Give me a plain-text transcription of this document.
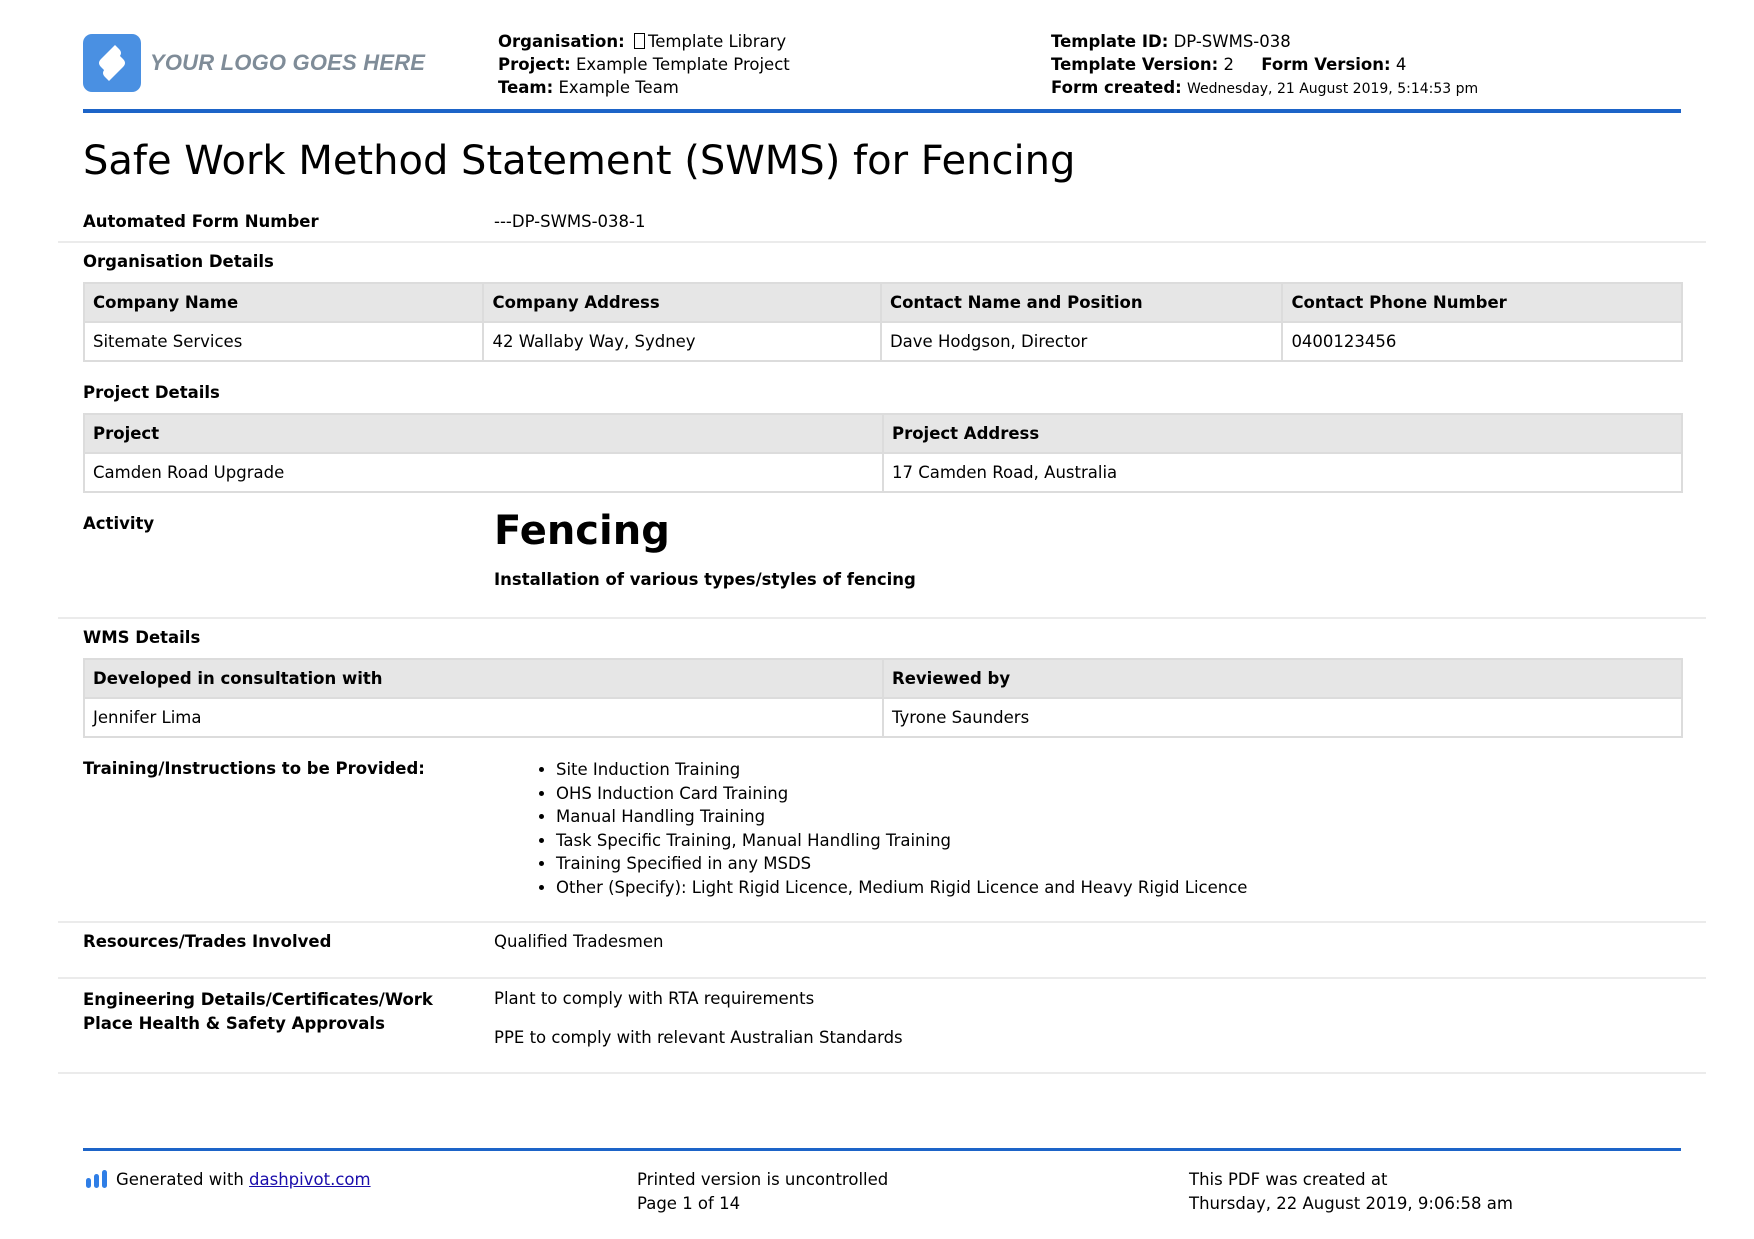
YOUR LOGO GOES HERE
Organisation: Template Library
Project: Example Template Project
Team: Example Team
Template ID: DP-SWMS-038
Template Version: 2 Form Version: 4
Form created: Wednesday, 21 August 2019, 5:14:53 pm
Safe Work Method Statement (SWMS) for Fencing
Automated Form Number	---DP-SWMS-038-1
Organisation Details
Company Name	Company Address	Contact Name and Position	Contact Phone Number
Sitemate Services	42 Wallaby Way, Sydney	Dave Hodgson, Director	0400123456
Project Details
Project	Project Address
Camden Road Upgrade	17 Camden Road, Australia
Activity	Fencing
Installation of various types/styles of fencing
WMS Details
Developed in consultation with	Reviewed by
Jennifer Lima	Tyrone Saunders
Training/Instructions to be Provided:	• Site Induction Training
• OHS Induction Card Training
• Manual Handling Training
• Task Specific Training, Manual Handling Training
• Training Specified in any MSDS
• Other (Specify): Light Rigid Licence, Medium Rigid Licence and Heavy Rigid Licence
Resources/Trades Involved	Qualified Tradesmen
Engineering Details/Certificates/Work
Place Health & Safety Approvals
Plant to comply with RTA requirements
PPE to comply with relevant Australian Standards
Generated with dashpivot.com	Printed version is uncontrolled
Page 1 of 14
This PDF was created at
Thursday, 22 August 2019, 9:06:58 am
